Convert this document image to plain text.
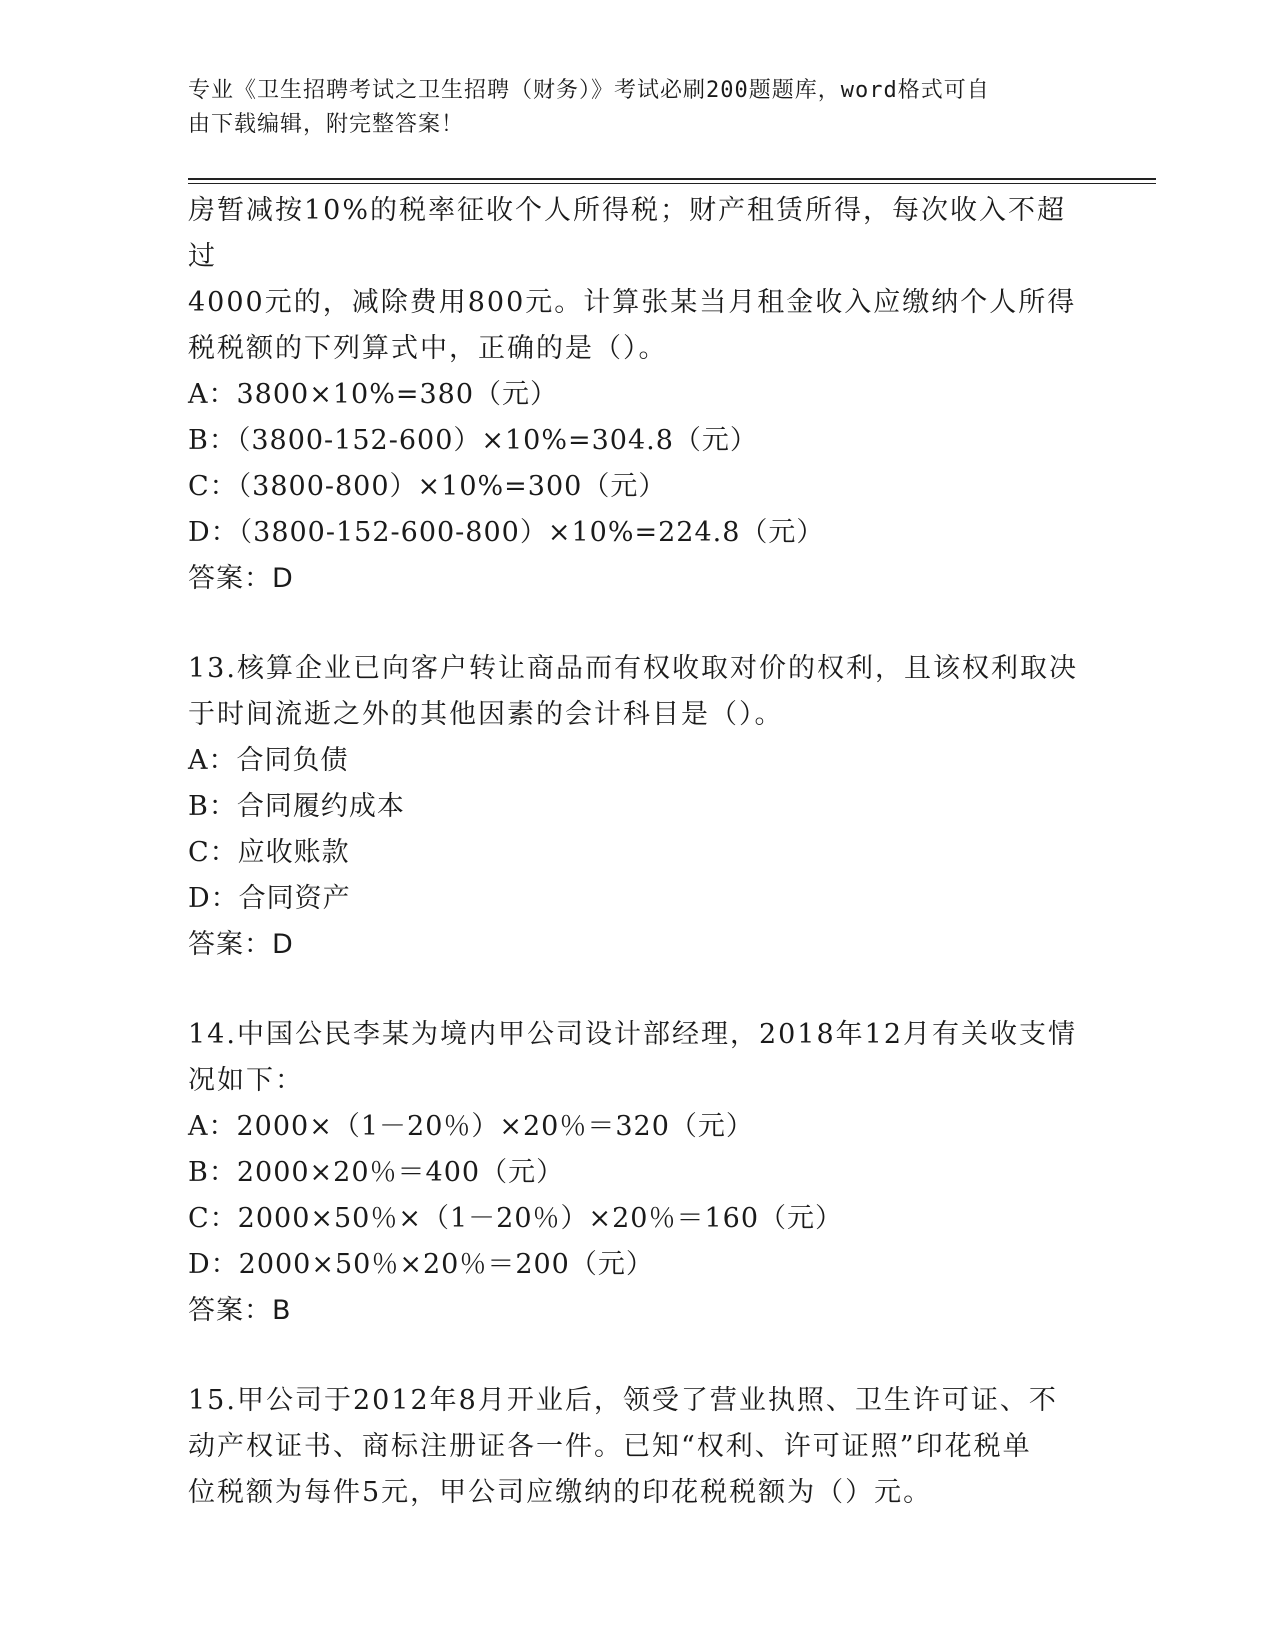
专业《卫生招聘考试之卫生招聘（财务）》考试必刷200题题库，word格式可自
由下载编辑，附完整答案！

房暂减按10%的税率征收个人所得税；财产租赁所得，每次收入不超过

4000元的，减除费用800元。计算张某当月租金收入应缴纳个人所得

税税额的下列算式中，正确的是（）。

A：3800×10%=380（元）

B：（3800-152-600）×10%=304.8（元）

C：（3800-800）×10%=300（元）

D：（3800-152-600-800）×10%=224.8（元）

答案：D

13.核算企业已向客户转让商品而有权收取对价的权利，且该权利取决

于时间流逝之外的其他因素的会计科目是（）。

A：合同负债

B：合同履约成本

C：应收账款

D：合同资产

答案：D

14.中国公民李某为境内甲公司设计部经理，2018年12月有关收支情

况如下：

A：2000×（1－20％）×20％＝320（元）

B：2000×20％＝400（元）

C：2000×50％×（1－20％）×20％＝160（元）

D：2000×50％×20％＝200（元）

答案：B

15.甲公司于2012年8月开业后，领受了营业执照、卫生许可证、不

动产权证书、商标注册证各一件。已知“权利、许可证照”印花税单

位税额为每件5元，甲公司应缴纳的印花税税额为（）元。
